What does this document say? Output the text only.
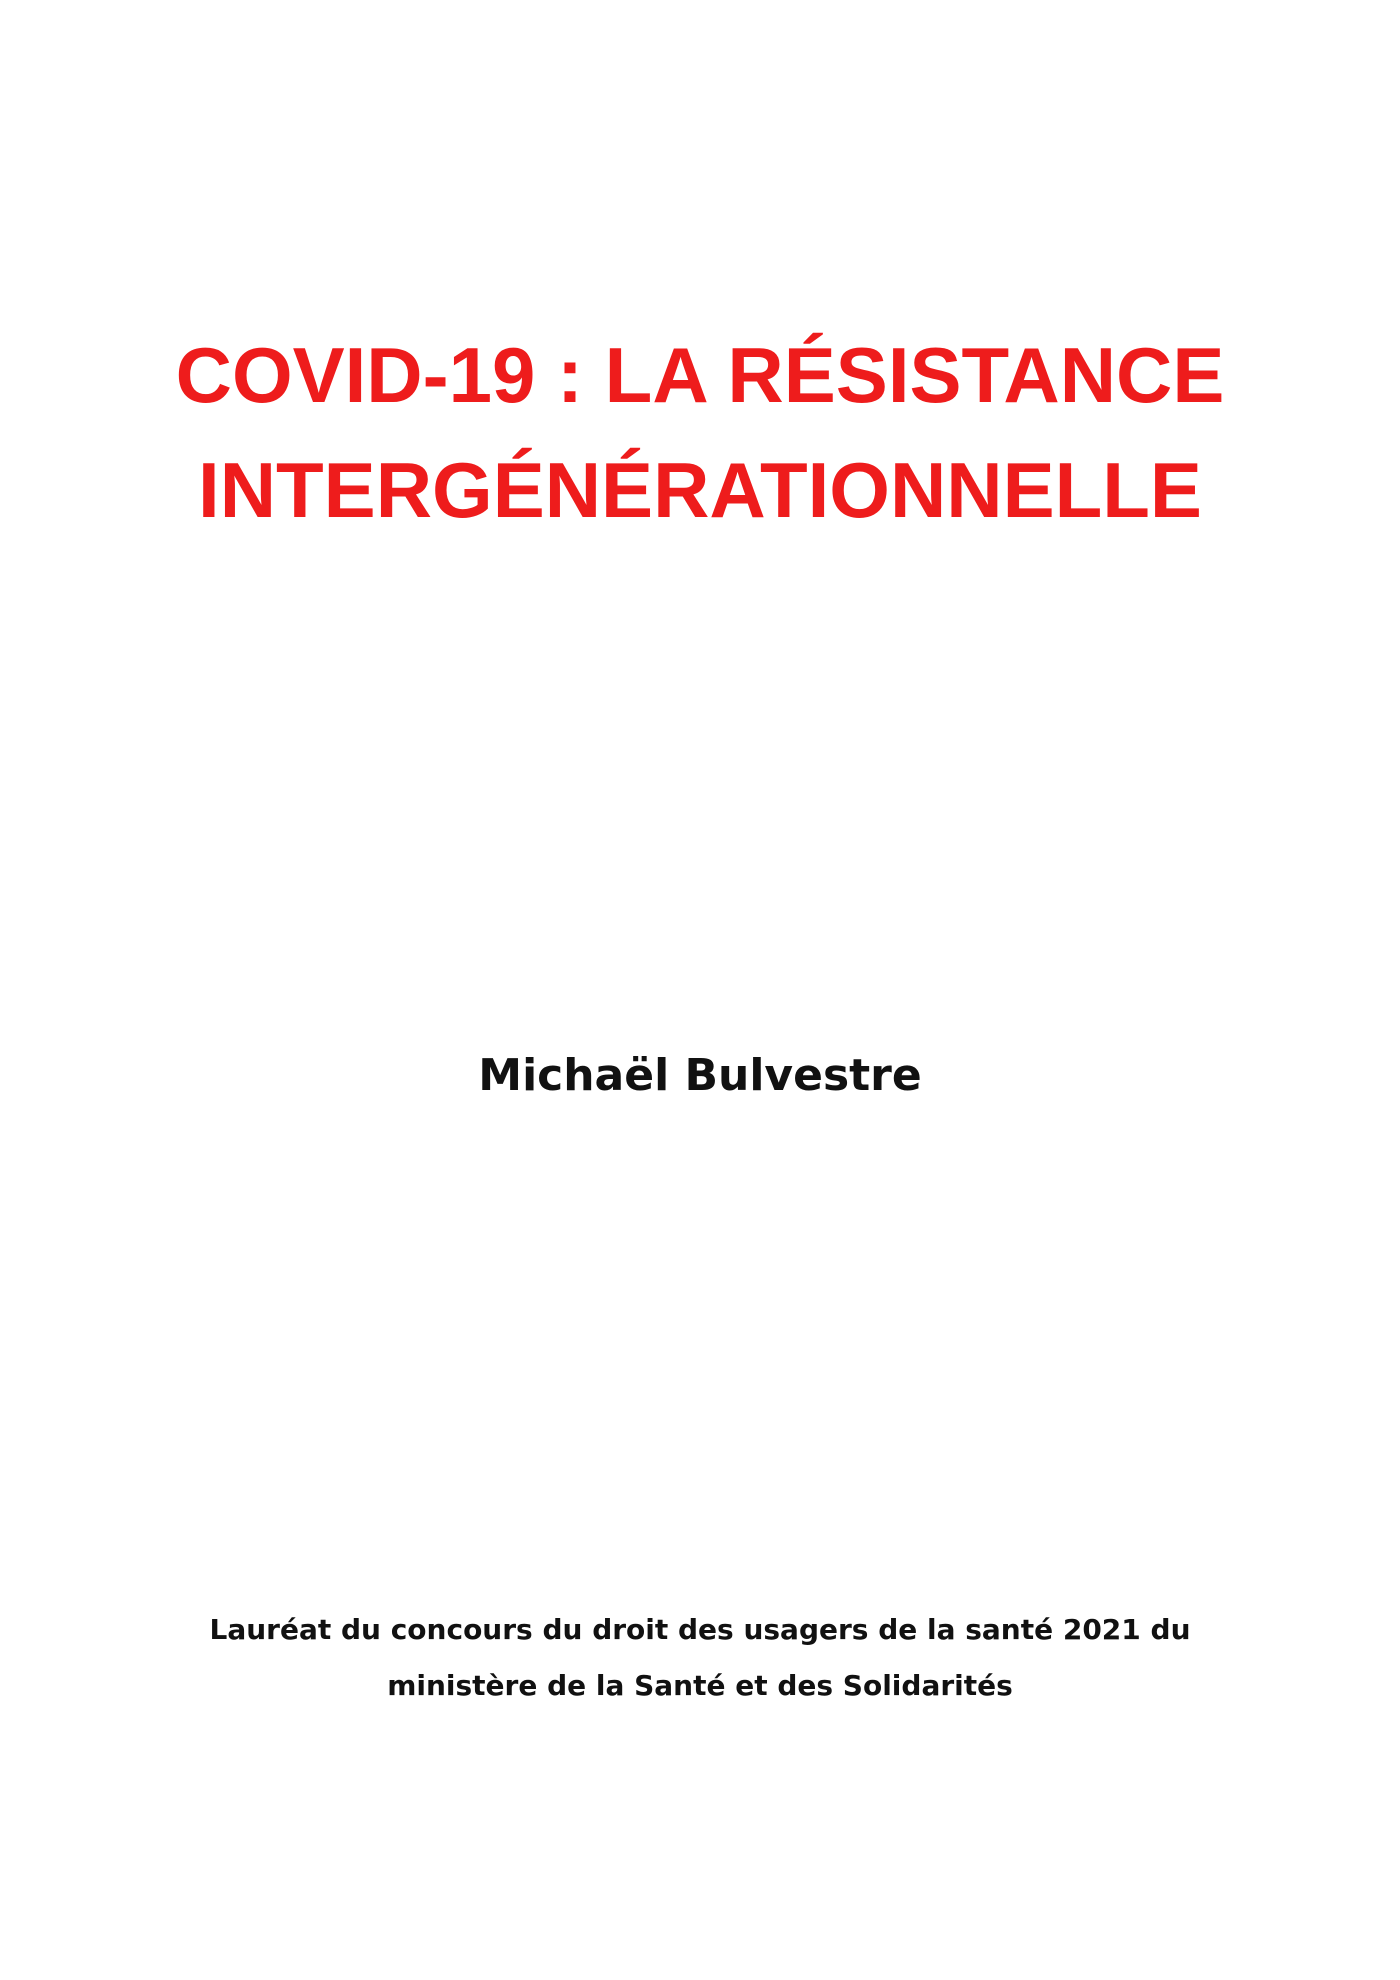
COVID-19 : LA RÉSISTANCE
INTERGÉNÉRATIONNELLE

Michaël Bulvestre

Lauréat du concours du droit des usagers de la santé 2021 du
ministère de la Santé et des Solidarités
